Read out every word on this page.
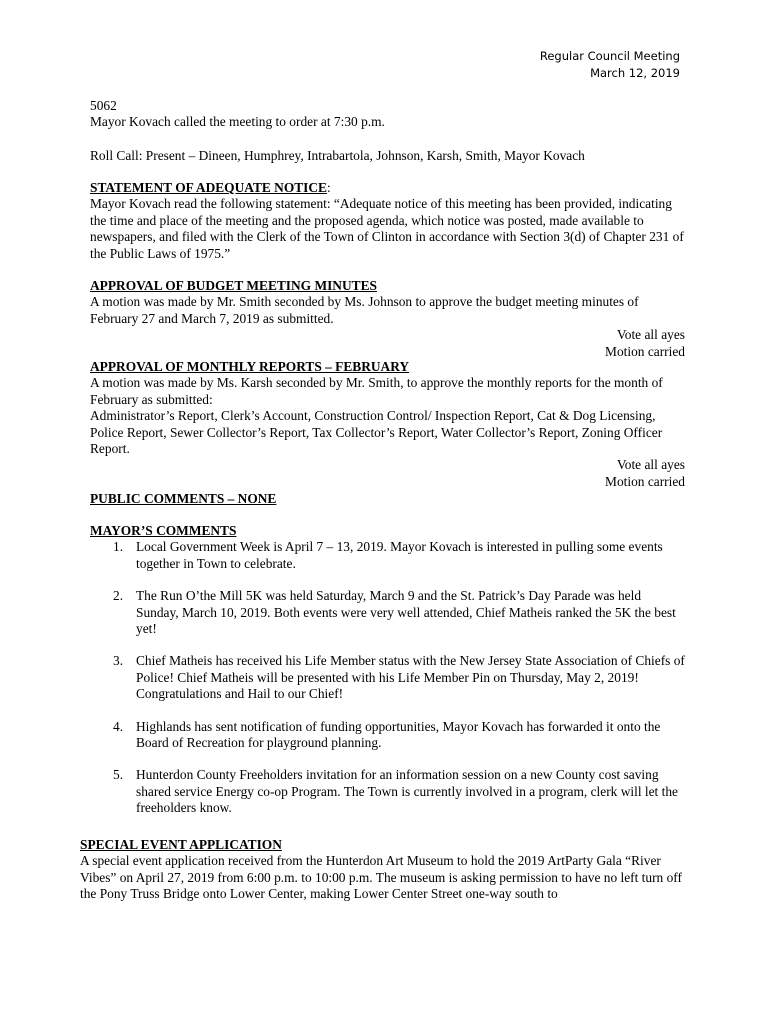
Regular Council Meeting
March 12, 2019

5062

Mayor Kovach called the meeting to order at 7:30 p.m.

Roll Call: Present – Dineen, Humphrey, Intrabartola, Johnson, Karsh, Smith, Mayor Kovach

STATEMENT OF ADEQUATE NOTICE:

Mayor Kovach read the following statement: “Adequate notice of this meeting has been provided, indicating the time and place of the meeting and the proposed agenda, which notice was posted, made available to newspapers, and filed with the Clerk of the Town of Clinton in accordance with Section 3(d) of Chapter 231 of the Public Laws of 1975.”

APPROVAL OF BUDGET MEETING MINUTES

A motion was made by Mr. Smith seconded by Ms. Johnson to approve the budget meeting minutes of February 27 and March 7, 2019 as submitted.

Vote all ayes

Motion carried

APPROVAL OF MONTHLY REPORTS – FEBRUARY

A motion was made by Ms. Karsh seconded by Mr. Smith, to approve the monthly reports for the month of February as submitted:

Administrator’s Report, Clerk’s Account, Construction Control/ Inspection Report, Cat & Dog Licensing, Police Report, Sewer Collector’s Report, Tax Collector’s Report, Water Collector’s Report, Zoning Officer Report.

Vote all ayes

Motion carried

PUBLIC COMMENTS – NONE

MAYOR’S COMMENTS

1. Local Government Week is April 7 – 13, 2019. Mayor Kovach is interested in pulling some events together in Town to celebrate.
2. The Run O’the Mill 5K was held Saturday, March 9 and the St. Patrick’s Day Parade was held Sunday, March 10, 2019. Both events were very well attended, Chief Matheis ranked the 5K the best yet!
3. Chief Matheis has received his Life Member status with the New Jersey State Association of Chiefs of Police! Chief Matheis will be presented with his Life Member Pin on Thursday, May 2, 2019! Congratulations and Hail to our Chief!
4. Highlands has sent notification of funding opportunities, Mayor Kovach has forwarded it onto the Board of Recreation for playground planning.
5. Hunterdon County Freeholders invitation for an information session on a new County cost saving shared service Energy co-op Program. The Town is currently involved in a program, clerk will let the freeholders know.

SPECIAL EVENT APPLICATION

A special event application received from the Hunterdon Art Museum to hold the 2019 ArtParty Gala “River Vibes” on April 27, 2019 from 6:00 p.m. to 10:00 p.m. The museum is asking permission to have no left turn off the Pony Truss Bridge onto Lower Center, making Lower Center Street one-way south to
